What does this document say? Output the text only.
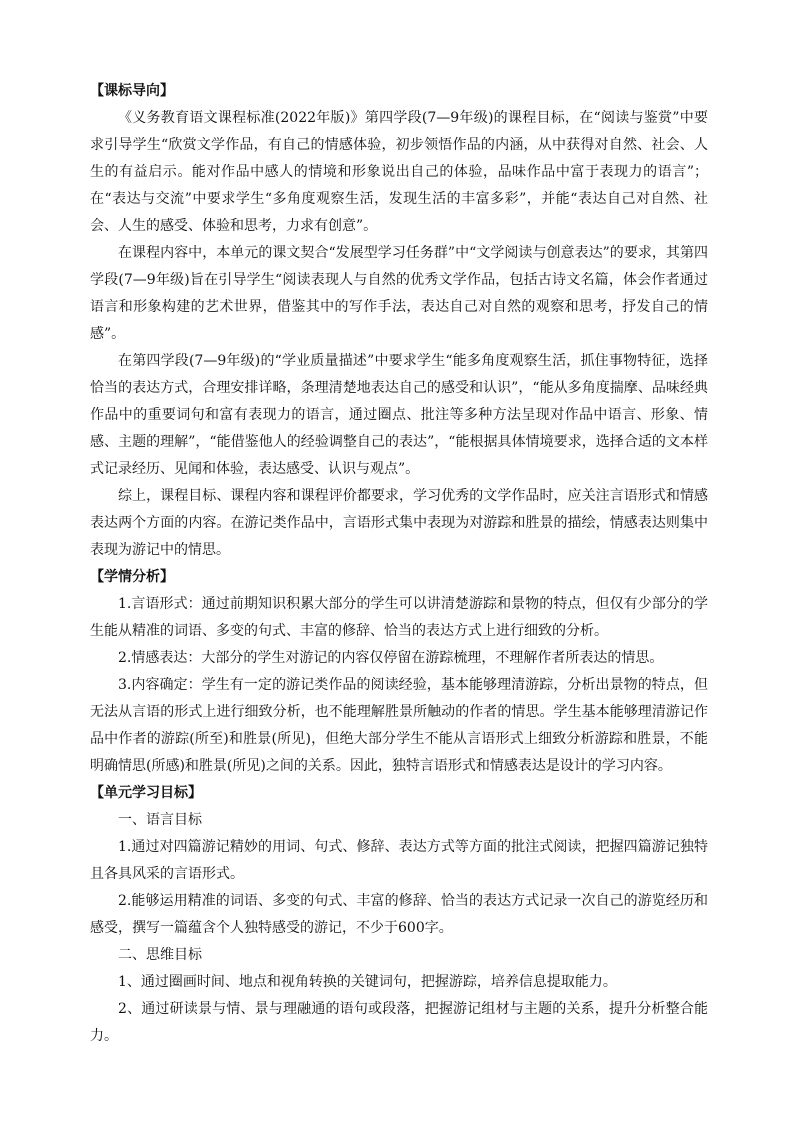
【课标导向】

《义务教育语文课程标准(2022年版)》第四学段(7—9年级)的课程目标，在“阅读与鉴赏”中要求引导学生“欣赏文学作品，有自己的情感体验，初步领悟作品的内涵，从中获得对自然、社会、人生的有益启示。能对作品中感人的情境和形象说出自己的体验，品味作品中富于表现力的语言”；在“表达与交流”中要求学生“多角度观察生活，发现生活的丰富多彩”，并能“表达自己对自然、社会、人生的感受、体验和思考，力求有创意”。

在课程内容中，本单元的课文契合“发展型学习任务群”中“文学阅读与创意表达”的要求，其第四学段(7—9年级)旨在引导学生“阅读表现人与自然的优秀文学作品，包括古诗文名篇，体会作者通过语言和形象构建的艺术世界，借鉴其中的写作手法，表达自己对自然的观察和思考，抒发自己的情感”。

在第四学段(7—9年级)的“学业质量描述”中要求学生“能多角度观察生活，抓住事物特征，选择恰当的表达方式，合理安排详略，条理清楚地表达自己的感受和认识”，“能从多角度揣摩、品味经典作品中的重要词句和富有表现力的语言，通过圈点、批注等多种方法呈现对作品中语言、形象、情感、主题的理解”，“能借鉴他人的经验调整自己的表达”，“能根据具体情境要求，选择合适的文本样式记录经历、见闻和体验，表达感受、认识与观点”。

综上，课程目标、课程内容和课程评价都要求，学习优秀的文学作品时，应关注言语形式和情感表达两个方面的内容。在游记类作品中，言语形式集中表现为对游踪和胜景的描绘，情感表达则集中表现为游记中的情思。

【学情分析】

1.言语形式：通过前期知识积累大部分的学生可以讲清楚游踪和景物的特点，但仅有少部分的学生能从精准的词语、多变的句式、丰富的修辞、恰当的表达方式上进行细致的分析。

2.情感表达：大部分的学生对游记的内容仅停留在游踪梳理，不理解作者所表达的情思。

3.内容确定：学生有一定的游记类作品的阅读经验，基本能够理清游踪，分析出景物的特点，但无法从言语的形式上进行细致分析，也不能理解胜景所触动的作者的情思。学生基本能够理清游记作品中作者的游踪(所至)和胜景(所见)，但绝大部分学生不能从言语形式上细致分析游踪和胜景，不能明确情思(所感)和胜景(所见)之间的关系。因此，独特言语形式和情感表达是设计的学习内容。

【单元学习目标】

一、语言目标

1.通过对四篇游记精妙的用词、句式、修辞、表达方式等方面的批注式阅读，把握四篇游记独特且各具风采的言语形式。

2.能够运用精准的词语、多变的句式、丰富的修辞、恰当的表达方式记录一次自己的游览经历和感受，撰写一篇蕴含个人独特感受的游记，不少于600字。

二、思维目标

1、通过圈画时间、地点和视角转换的关键词句，把握游踪，培养信息提取能力。

2、通过研读景与情、景与理融通的语句或段落，把握游记组材与主题的关系，提升分析整合能力。
